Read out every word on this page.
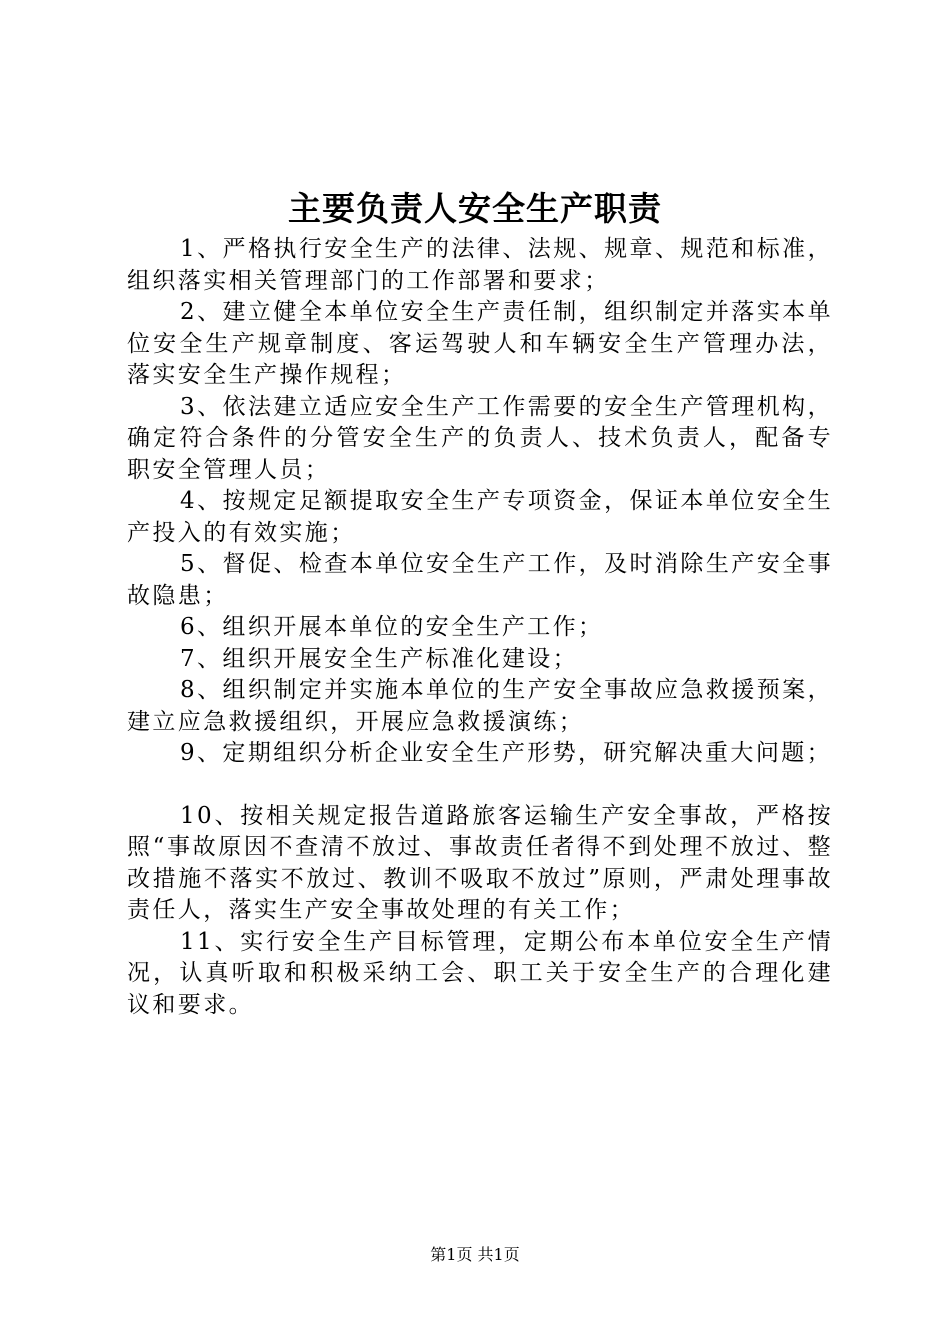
主要负责人安全生产职责

1、严格执行安全生产的法律、法规、规章、规范和标准，组织落实相关管理部门的工作部署和要求；

2、建立健全本单位安全生产责任制，组织制定并落实本单位安全生产规章制度、客运驾驶人和车辆安全生产管理办法，落实安全生产操作规程；

3、依法建立适应安全生产工作需要的安全生产管理机构，确定符合条件的分管安全生产的负责人、技术负责人，配备专职安全管理人员；

4、按规定足额提取安全生产专项资金，保证本单位安全生产投入的有效实施；

5、督促、检查本单位安全生产工作，及时消除生产安全事故隐患；

6、组织开展本单位的安全生产工作；

7、组织开展安全生产标准化建设；

8、组织制定并实施本单位的生产安全事故应急救援预案，建立应急救援组织，开展应急救援演练；

9、定期组织分析企业安全生产形势，研究解决重大问题；

10、按相关规定报告道路旅客运输生产安全事故，严格按照“事故原因不查清不放过、事故责任者得不到处理不放过、整改措施不落实不放过、教训不吸取不放过”原则，严肃处理事故责任人，落实生产安全事故处理的有关工作；

11、实行安全生产目标管理，定期公布本单位安全生产情况，认真听取和积极采纳工会、职工关于安全生产的合理化建议和要求。

第1页 共1页
